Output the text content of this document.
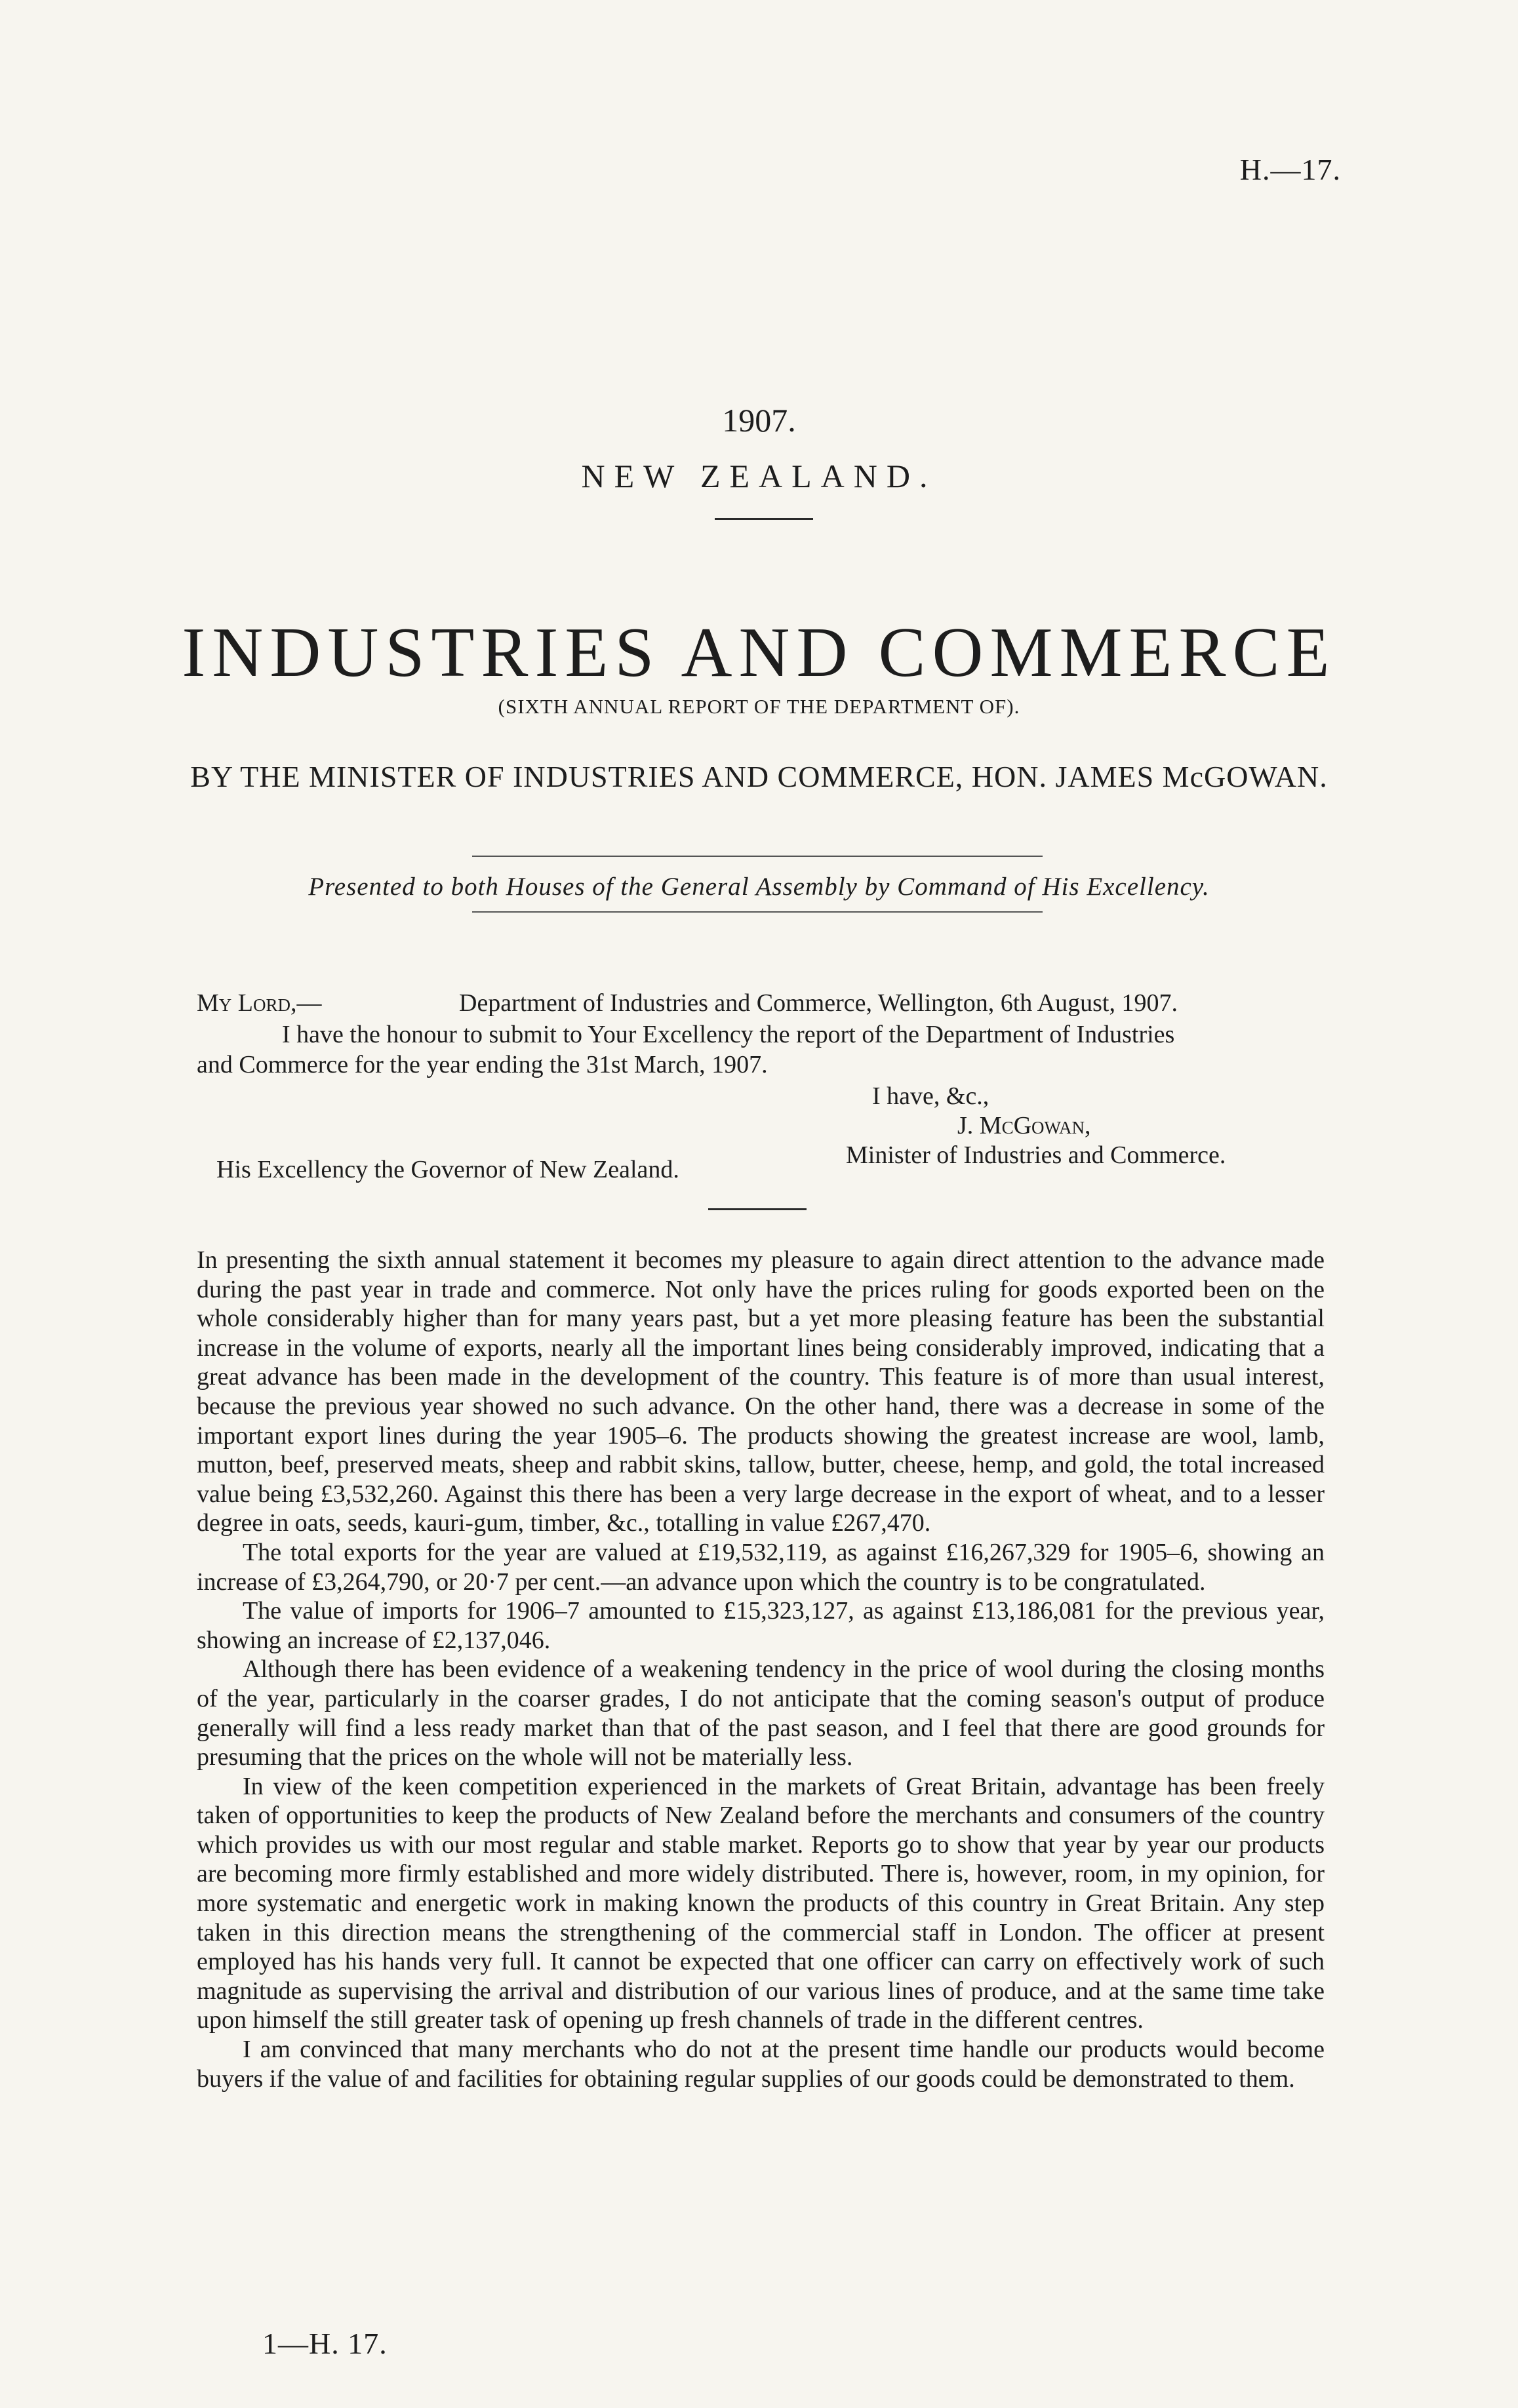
H.—17.
1907.
NEW ZEALAND.
INDUSTRIES AND COMMERCE
(SIXTH ANNUAL REPORT OF THE DEPARTMENT OF).
BY THE MINISTER OF INDUSTRIES AND COMMERCE, HON. JAMES McGOWAN.
Presented to both Houses of the General Assembly by Command of His Excellency.
My Lord,—	Department of Industries and Commerce, Wellington, 6th August, 1907.
I have the honour to submit to Your Excellency the report of the Department of Industries
and Commerce for the year ending the 31st March, 1907.
I have, &c.,
J. McGowan,
Minister of Industries and Commerce.
His Excellency the Governor of New Zealand.

In presenting the sixth annual statement it becomes my pleasure to again direct attention to the advance made during the past year in trade and commerce. Not only have the prices ruling for goods exported been on the whole considerably higher than for many years past, but a yet more pleasing feature has been the substantial increase in the volume of exports, nearly all the important lines being considerably improved, indicating that a great advance has been made in the development of the country. This feature is of more than usual interest, because the previous year showed no such advance. On the other hand, there was a decrease in some of the important export lines during the year 1905–6. The products showing the greatest increase are wool, lamb, mutton, beef, preserved meats, sheep and rabbit skins, tallow, butter, cheese, hemp, and gold, the total increased value being £3,532,260. Against this there has been a very large decrease in the export of wheat, and to a lesser degree in oats, seeds, kauri-gum, timber, &c., totalling in value £267,470.

The total exports for the year are valued at £19,532,119, as against £16,267,329 for 1905–6, showing an increase of £3,264,790, or 20·7 per cent.—an advance upon which the country is to be congratulated.

The value of imports for 1906–7 amounted to £15,323,127, as against £13,186,081 for the previous year, showing an increase of £2,137,046.

Although there has been evidence of a weakening tendency in the price of wool during the closing months of the year, particularly in the coarser grades, I do not anticipate that the coming season's output of produce generally will find a less ready market than that of the past season, and I feel that there are good grounds for presuming that the prices on the whole will not be materially less.

In view of the keen competition experienced in the markets of Great Britain, advantage has been freely taken of opportunities to keep the products of New Zealand before the merchants and consumers of the country which provides us with our most regular and stable market. Reports go to show that year by year our products are becoming more firmly established and more widely distributed. There is, however, room, in my opinion, for more systematic and energetic work in making known the products of this country in Great Britain. Any step taken in this direction means the strengthening of the commercial staff in London. The officer at present employed has his hands very full. It cannot be expected that one officer can carry on effectively work of such magnitude as supervising the arrival and distribution of our various lines of produce, and at the same time take upon himself the still greater task of opening up fresh channels of trade in the different centres.

I am convinced that many merchants who do not at the present time handle our products would become buyers if the value of and facilities for obtaining regular supplies of our goods could be demonstrated to them.

1—H. 17.
